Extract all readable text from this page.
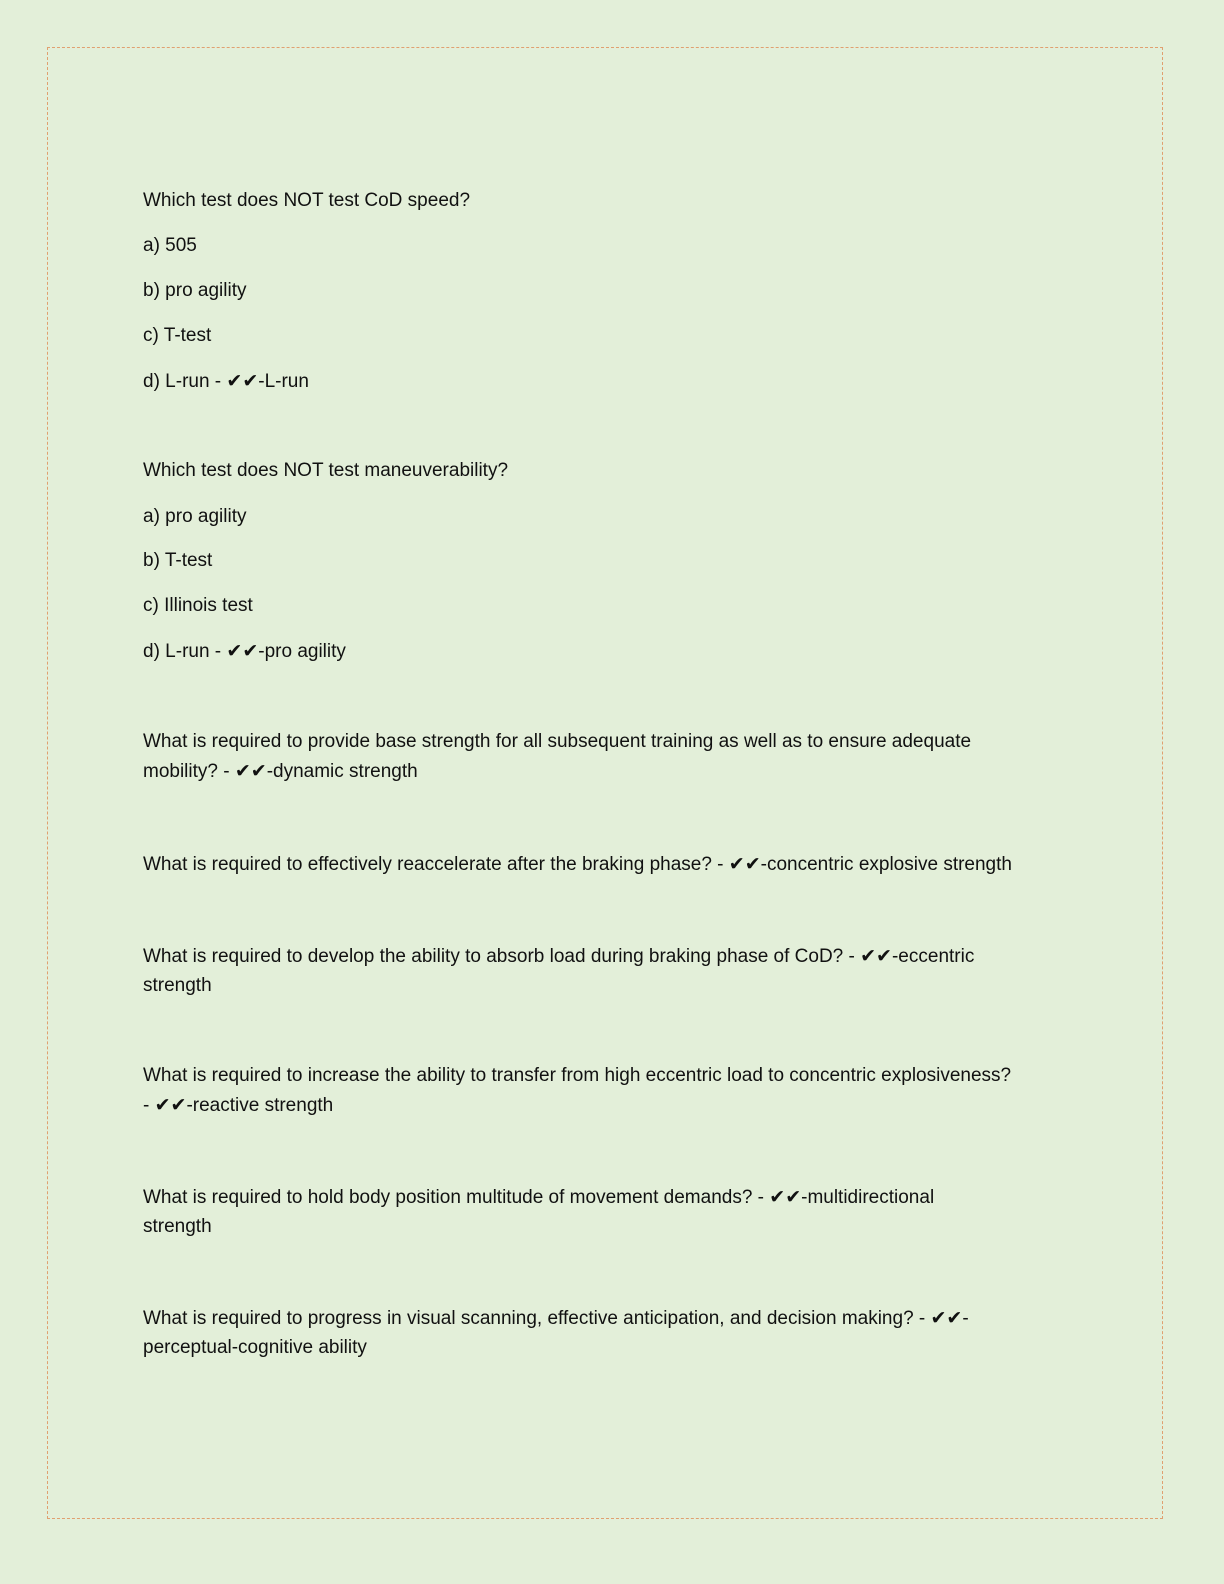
Which test does NOT test CoD speed?

a) 505

b) pro agility

c) T-test

d) L-run - ✔✔-L-run

Which test does NOT test maneuverability?

a) pro agility

b) T-test

c) Illinois test

d) L-run - ✔✔-pro agility

What is required to provide base strength for all subsequent training as well as to ensure adequate

mobility? - ✔✔-dynamic strength

What is required to effectively reaccelerate after the braking phase? - ✔✔-concentric explosive strength

What is required to develop the ability to absorb load during braking phase of CoD? - ✔✔-eccentric

strength

What is required to increase the ability to transfer from high eccentric load to concentric explosiveness?

- ✔✔-reactive strength

What is required to hold body position multitude of movement demands? - ✔✔-multidirectional

strength

What is required to progress in visual scanning, effective anticipation, and decision making? - ✔✔-

perceptual-cognitive ability
